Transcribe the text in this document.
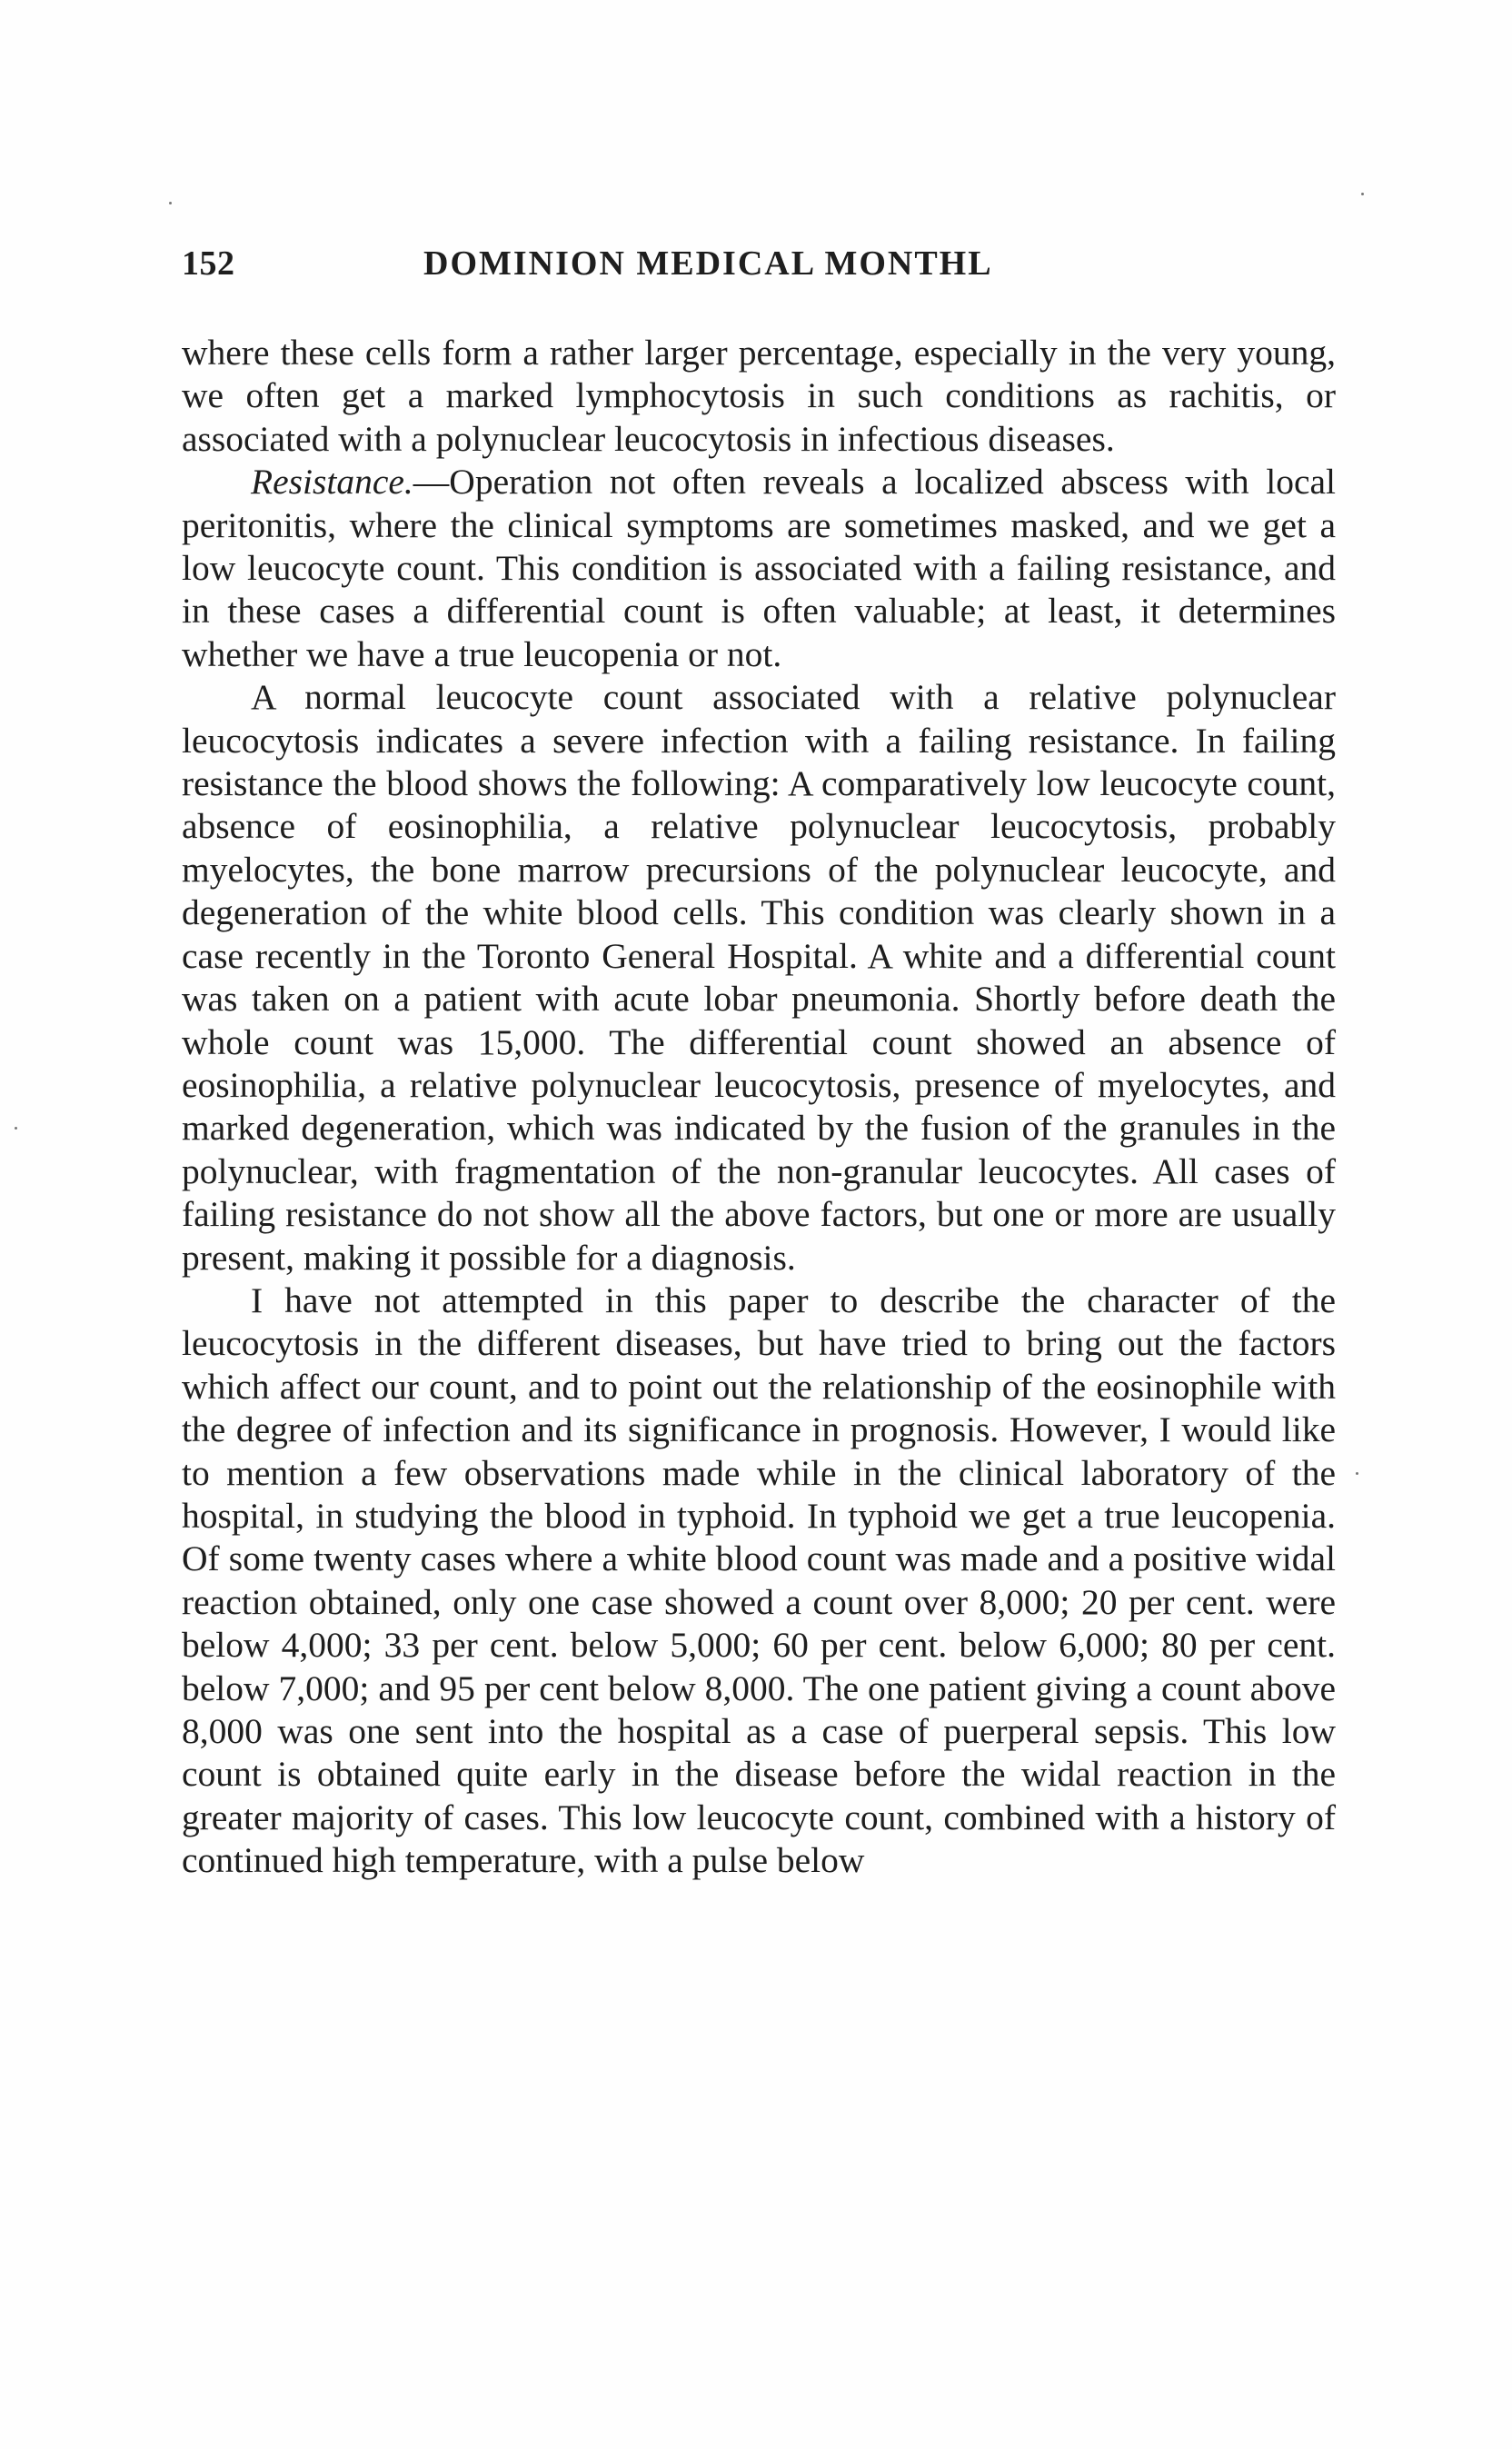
152	DOMINION MEDICAL MONTHL

where these cells form a rather larger percentage, especially in the very young, we often get a marked lymphocytosis in such conditions as rachitis, or associated with a polynuclear leucocytosis in infectious diseases.

Resistance.—Operation not often reveals a localized abscess with local peritonitis, where the clinical symptoms are sometimes masked, and we get a low leucocyte count. This condition is associated with a failing resistance, and in these cases a differential count is often valuable; at least, it determines whether we have a true leucopenia or not.

A normal leucocyte count associated with a relative polynuclear leucocytosis indicates a severe infection with a failing resistance. In failing resistance the blood shows the following: A comparatively low leucocyte count, absence of eosinophilia, a relative polynuclear leucocytosis, probably myelocytes, the bone marrow precursions of the polynuclear leucocyte, and degeneration of the white blood cells. This condition was clearly shown in a case recently in the Toronto General Hospital. A white and a differential count was taken on a patient with acute lobar pneumonia. Shortly before death the whole count was 15,000. The differential count showed an absence of eosinophilia, a relative polynuclear leucocytosis, presence of myelocytes, and marked degeneration, which was indicated by the fusion of the granules in the polynuclear, with fragmentation of the non-granular leucocytes. All cases of failing resistance do not show all the above factors, but one or more are usually present, making it possible for a diagnosis.

I have not attempted in this paper to describe the character of the leucocytosis in the different diseases, but have tried to bring out the factors which affect our count, and to point out the relationship of the eosinophile with the degree of infection and its significance in prognosis. However, I would like to mention a few observations made while in the clinical laboratory of the hospital, in studying the blood in typhoid. In typhoid we get a true leucopenia. Of some twenty cases where a white blood count was made and a positive widal reaction obtained, only one case showed a count over 8,000; 20 per cent. were below 4,000; 33 per cent. below 5,000; 60 per cent. below 6,000; 80 per cent. below 7,000; and 95 per cent below 8,000. The one patient giving a count above 8,000 was one sent into the hospital as a case of puerperal sepsis. This low count is obtained quite early in the disease before the widal reaction in the greater majority of cases. This low leucocyte count, combined with a history of continued high temperature, with a pulse below
